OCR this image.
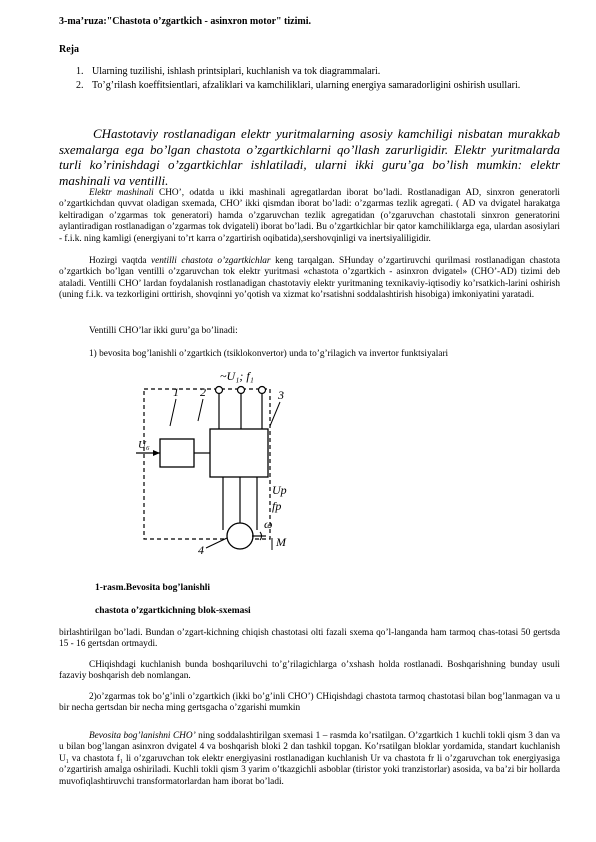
3-ma’ruza:"Chastota o’zgartkich - asinxron motor" tizimi.
Reja
1. Ularning tuzilishi, ishlash printsiplari, kuchlanish va tok diagrammalari.
2. To’g’rilash koeffitsientlari, afzaliklari va kamchiliklari, ularning energiya samaradorligini oshirish usullari.

CHastotaviy rostlanadigan elektr yuritmalarning asosiy kamchiligi nisbatan murakkab sxemalarga ega bo’lgan chastota o’zgartkichlarni qo’llash zarurligidir. Elektr yuritmalarda turli ko’rinishdagi o’zgartkichlar ishlatiladi, ularni ikki guru’ga bo’lish mumkin: elektr mashinali va ventilli.

Elektr mashinali CHO’, odatda u ikki mashinali agregatlardan iborat bo’ladi. Rostlanadigan AD, sinxron generatorli o’zgartkichdan quvvat oladigan sxemada, CHO’ ikki qismdan iborat bo’ladi: o’zgarmas tezlik agregati. ( AD va dvigatel harakatga keltiradigan o’zgarmas tok generatori) hamda o’zgaruvchan tezlik agregatidan (o’zgaruvchan chastotali sinxron generatorini aylantiradigan rostlanadigan o’zgarmas tok dvigateli) iborat bo’ladi. Bu o’zgartkichlar bir qator kamchiliklarga ega, ulardan asosiylari - f.i.k. ning kamligi (energiyani to’rt karra o’zgartirish oqibatida),sershovqinligi va inertsiyaliligidir.

Hozirgi vaqtda ventilli chastota o’zgartkichlar keng tarqalgan. SHunday o’zgartiruvchi qurilmasi rostlanadigan chastota o’zgartkich bo’lgan ventilli o’zgaruvchan tok elektr yuritmasi «chastota o’zgartkich - asinxron dvigatel» (CHO’-AD) tizimi deb ataladi. Ventilli CHO’ lardan foydalanish rostlanadigan chastotaviy elektr yuritmaning texnikaviy-iqtisodiy ko’rsatkich-larini oshirish (uning f.i.k. va tezkorligini orttirish, shovqinni yo’qotish va xizmat ko’rsatishni soddalashtirish hisobiga) imkoniyatini yaratadi.

Ventilli CHO’lar ikki guru’ga bo’linadi:

1) bevosita bog’lanishli o’zgartkich (tsiklokonvertor) unda to’g’rilagich va invertor funktsiyalari

~U₁; f₁
1	3
2
U₆
Up
fp
ω
M
4
1-rasm.Bevosita bog’lanishli
chastota o’zgartkichning blok-sxemasi

birlashtirilgan bo’ladi. Bundan o’zgart-kichning chiqish chastotasi olti fazali sxema qo’l-langanda ham tarmoq chas-totasi 50 gertsda 15 - 16 gertsdan ortmaydi.

CHiqishdagi kuchlanish bunda boshqariluvchi to’g’rilagichlarga o’xshash holda rostlanadi. Boshqarishning bunday usuli fazaviy boshqarish deb nomlangan.

2)o’zgarmas tok bo’g’inli o’zgartkich (ikki bo’g’inli CHO’) CHiqishdagi chastota tarmoq chastotasi bilan bog’lanmagan va u bir necha gertsdan bir necha ming gertsgacha o’zgarishi mumkin

Bevosita bog’lanishni CHO’ ning soddalashtirilgan sxemasi 1 – rasmda ko’rsatilgan. O’zgartkich 1 kuchli tokli qism 3 dan va u bilan bog’langan asinxron dvigatel 4 va boshqarish bloki 2 dan tashkil topgan. Ko’rsatilgan bloklar yordamida, standart kuchlanish U₁ va chastota f₁ li o’zgaruvchan tok elektr energiyasini rostlanadigan kuchlanish Ur va chastota fr li o’zgaruvchan tok energiyasiga o’zgartirish amalga oshiriladi. Kuchli tokli qism 3 yarim o’tkazgichli asboblar (tiristor yoki tranzistorlar) asosida, va ba’zi bir hollarda muvofiqlashtiruvchi transformatorlardan ham iborat bo’ladi.
